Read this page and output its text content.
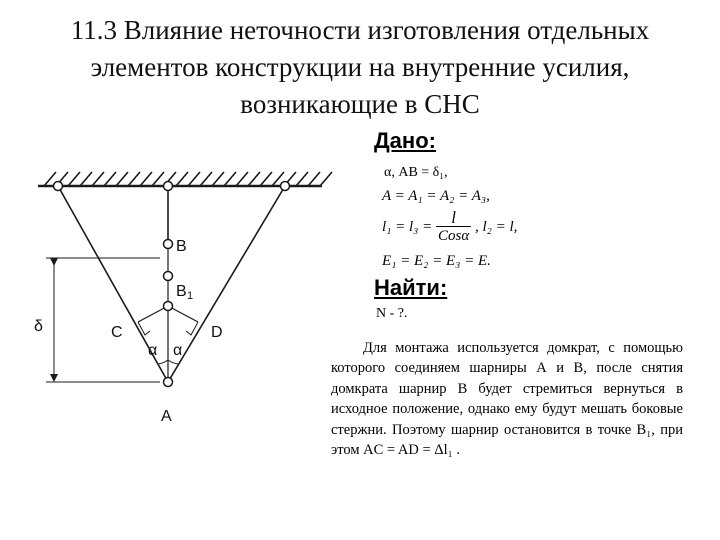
11.3 Влияние неточности изготовления отдельных
элементов конструкции на внутренние усилия,
возникающие в СНС
B
B 1
C	D
A
δ
α α
Дано:
α, AB = δ₁,
A = A₁ = A₂ = A₃,
$l_1 = l_3 = \frac{l}{\text{Cosα}}$ , l₂ = l,
E₁ = E₂ = E₃ = E.
Найти:
N - ?.

Для монтажа используется домкрат, с помощью которого соединяем шарниры А и В, после снятия домкрата шарнир В будет стремиться вернуться в исходное положение, однако ему будут мешать боковые стержни. Поэтому шарнир остановится в точке B₁, при этом AC = AD = Δl₁ .
